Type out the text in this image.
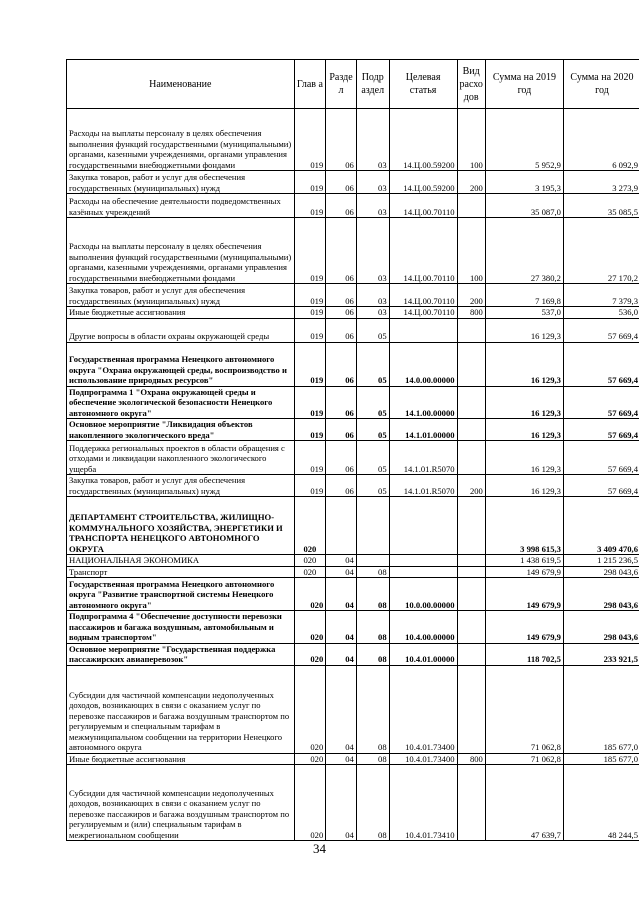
Наименование	Глав а	Разде л	Подр аздел	Целевая статья	Вид расхо дов	Сумма на 2019 год	Сумма на 2020 год
Расходы на выплаты персоналу в целях обеспечения выполнения функций государственными (муниципальными) органами, казенными учреждениями, органами управления государственными внебюджетными фондами	019	06	03	14.Ц.00.59200	100	5 952,9	6 092,9
Закупка товаров, работ и услуг для обеспечения государственных (муниципальных) нужд	019	06	03	14.Ц.00.59200	200	3 195,3	3 273,9
Расходы на обеспечение деятельности подведомственных казённых учреждений	019	06	03	14.Ц.00.70110		35 087,0	35 085,5
Расходы на выплаты персоналу в целях обеспечения выполнения функций государственными (муниципальными) органами, казенными учреждениями, органами управления государственными внебюджетными фондами	019	06	03	14.Ц.00.70110	100	27 380,2	27 170,2
Закупка товаров, работ и услуг для обеспечения государственных (муниципальных) нужд	019	06	03	14.Ц.00.70110	200	7 169,8	7 379,3
Иные бюджетные ассигнования	019	06	03	14.Ц.00.70110	800	537,0	536,0
Другие вопросы в области охраны окружающей среды	019	06	05			16 129,3	57 669,4
Государственная программа Ненецкого автономного округа "Охрана окружающей среды, воспроизводство и использование природных ресурсов"	019	06	05	14.0.00.00000		16 129,3	57 669,4
Подпрограмма 1 "Охрана окружающей среды и обеспечение экологической безопасности Ненецкого автономного округа"	019	06	05	14.1.00.00000		16 129,3	57 669,4
Основное мероприятие "Ликвидация объектов накопленного экологического вреда"	019	06	05	14.1.01.00000		16 129,3	57 669,4
Поддержка региональных проектов в области обращения с отходами и ликвидации накопленного экологического ущерба	019	06	05	14.1.01.R5070		16 129,3	57 669,4
Закупка товаров, работ и услуг для обеспечения государственных (муниципальных) нужд	019	06	05	14.1.01.R5070	200	16 129,3	57 669,4
ДЕПАРТАМЕНТ СТРОИТЕЛЬСТВА, ЖИЛИЩНО-КОММУНАЛЬНОГО ХОЗЯЙСТВА, ЭНЕРГЕТИКИ И ТРАНСПОРТА НЕНЕЦКОГО АВТОНОМНОГО ОКРУГА	020					3 998 615,3	3 409 470,6
НАЦИОНАЛЬНАЯ ЭКОНОМИКА	020	04				1 438 619,5	1 215 236,5
Транспорт	020	04	08			149 679,9	298 043,6
Государственная программа Ненецкого автономного округа "Развитие транспортной системы Ненецкого автономного округа"	020	04	08	10.0.00.00000		149 679,9	298 043,6
Подпрограмма 4 "Обеспечение доступности перевозки пассажиров и багажа воздушным, автомобильным и водным транспортом"	020	04	08	10.4.00.00000		149 679,9	298 043,6
Основное мероприятие "Государственная поддержка пассажирских авиаперевозок"	020	04	08	10.4.01.00000		118 702,5	233 921,5
Субсидии для частичной компенсации недополученных доходов, возникающих в связи с оказанием услуг по перевозке пассажиров и багажа воздушным транспортом по регулируемым и специальным тарифам в межмуниципальном сообщении на территории Ненецкого автономного округа	020	04	08	10.4.01.73400		71 062,8	185 677,0
Иные бюджетные ассигнования	020	04	08	10.4.01.73400	800	71 062,8	185 677,0
Субсидии для частичной компенсации недополученных доходов, возникающих в связи с оказанием услуг по перевозке пассажиров и багажа воздушным транспортом по регулируемым и (или) специальным тарифам в межрегиональном сообщении	020	04	08	10.4.01.73410		47 639,7	48 244,5
34
